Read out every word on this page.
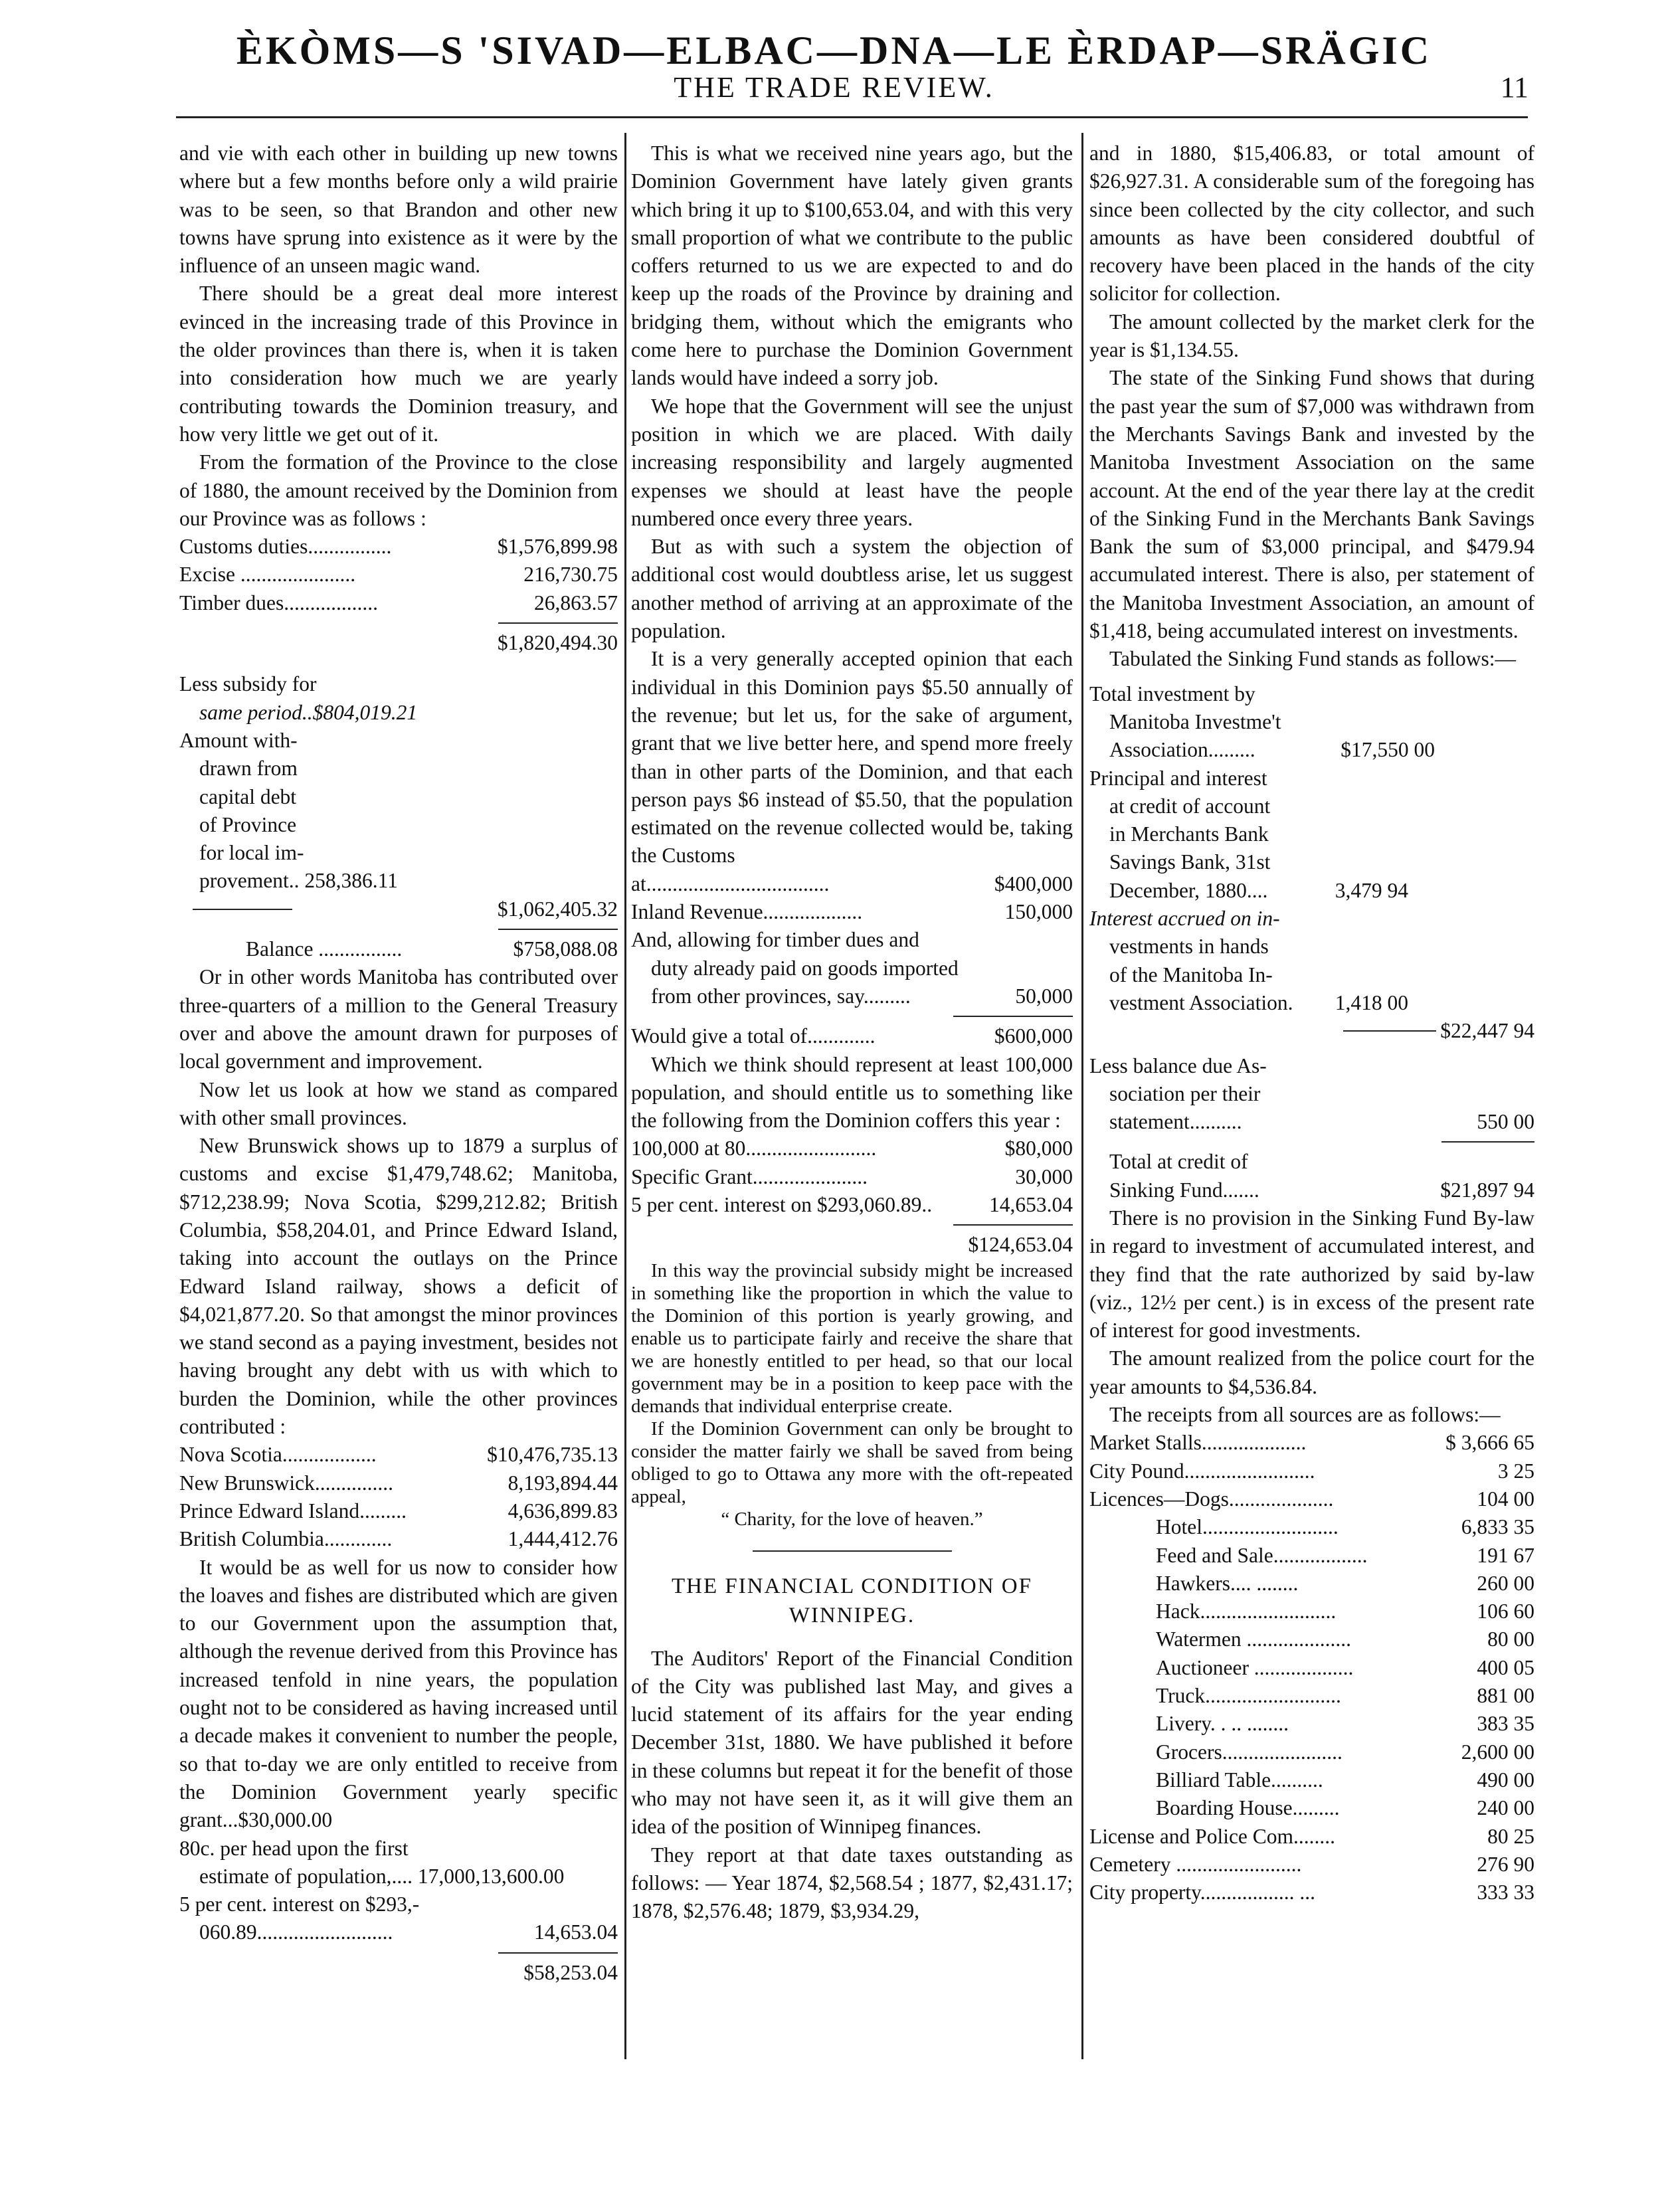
ÈKÒMS—S 'SIVAD—ELBAC—DNA—LE ÈRDAP—SRÄGIC
THE TRADE REVIEW.	11

and vie with each other in building up new towns where but a few months before only a wild prairie was to be seen, so that Brandon and other new towns have sprung into existence as it were by the influence of an unseen magic wand.

There should be a great deal more interest evinced in the increasing trade of this Province in the older provinces than there is, when it is taken into consideration how much we are yearly contributing towards the Dominion treasury, and how very little we get out of it.

From the formation of the Province to the close of 1880, the amount received by the Dominion from our Province was as follows :

Customs duties................	$1,576,899.98
Excise ......................	216,730.75
Timber dues..................	26,863.57
$1,820,494.30
Less subsidy for
same period..$804,019.21
Amount with-
drawn from
capital debt
of Province
for local im-
provement.. 258,386.11
$1,062,405.32
Balance ................	$758,088.08

Or in other words Manitoba has contributed over three-quarters of a million to the General Treasury over and above the amount drawn for purposes of local government and improvement.

Now let us look at how we stand as compared with other small provinces.

New Brunswick shows up to 1879 a surplus of customs and excise $1,479,748.62; Manitoba, $712,238.99; Nova Scotia, $299,212.82; British Columbia, $58,204.01, and Prince Edward Island, taking into account the outlays on the Prince Edward Island railway, shows a deficit of $4,021,877.20. So that amongst the minor provinces we stand second as a paying investment, besides not having brought any debt with us with which to burden the Dominion, while the other provinces contributed :

Nova Scotia..................	$10,476,735.13
New Brunswick...............	8,193,894.44
Prince Edward Island.........	4,636,899.83
British Columbia.............	1,444,412.76

It would be as well for us now to consider how the loaves and fishes are distributed which are given to our Government upon the assumption that, although the revenue derived from this Province has increased tenfold in nine years, the population ought not to be considered as having increased until a decade makes it convenient to number the people, so that to-day we are only entitled to receive from the Dominion Government yearly specific grant...$30,000.00

80c. per head upon the first
estimate of population,.... 17,000,13,600.00
5 per cent. interest on $293,-
060.89..........................	14,653.04
$58,253.04

This is what we received nine years ago, but the Dominion Government have lately given grants which bring it up to $100,653.04, and with this very small proportion of what we contribute to the public coffers returned to us we are expected to and do keep up the roads of the Province by draining and bridging them, without which the emigrants who come here to purchase the Dominion Government lands would have indeed a sorry job.

We hope that the Government will see the unjust position in which we are placed. With daily increasing responsibility and largely augmented expenses we should at least have the people numbered once every three years.

But as with such a system the objection of additional cost would doubtless arise, let us suggest another method of arriving at an approximate of the population.

It is a very generally accepted opinion that each individual in this Dominion pays $5.50 annually of the revenue; but let us, for the sake of argument, grant that we live better here, and spend more freely than in other parts of the Dominion, and that each person pays $6 instead of $5.50, that the population estimated on the revenue collected would be, taking the Customs

at...................................	$400,000
Inland Revenue...................	150,000
And, allowing for timber dues and
duty already paid on goods imported
from other provinces, say.........	50,000
Would give a total of.............	$600,000

Which we think should represent at least 100,000 population, and should entitle us to something like the following from the Dominion coffers this year :

100,000 at 80.........................	$80,000
Specific Grant......................	30,000
5 per cent. interest on $293,060.89..	14,653.04
$124,653.04

In this way the provincial subsidy might be increased in something like the proportion in which the value to the Dominion of this portion is yearly growing, and enable us to participate fairly and receive the share that we are honestly entitled to per head, so that our local government may be in a position to keep pace with the demands that individual enterprise create.

If the Dominion Government can only be brought to consider the matter fairly we shall be saved from being obliged to go to Ottawa any more with the oft-repeated appeal,

“ Charity, for the love of heaven.”
THE FINANCIAL CONDITION OF
WINNIPEG.

The Auditors' Report of the Financial Condition of the City was published last May, and gives a lucid statement of its affairs for the year ending December 31st, 1880. We have published it before in these columns but repeat it for the benefit of those who may not have seen it, as it will give them an idea of the position of Winnipeg finances.

They report at that date taxes outstanding as follows: — Year 1874, $2,568.54 ; 1877, $2,431.17; 1878, $2,576.48; 1879, $3,934.29,

and in 1880, $15,406.83, or total amount of $26,927.31. A considerable sum of the foregoing has since been collected by the city collector, and such amounts as have been considered doubtful of recovery have been placed in the hands of the city solicitor for collection.

The amount collected by the market clerk for the year is $1,134.55.

The state of the Sinking Fund shows that during the past year the sum of $7,000 was withdrawn from the Merchants Savings Bank and invested by the Manitoba Investment Association on the same account. At the end of the year there lay at the credit of the Sinking Fund in the Merchants Bank Savings Bank the sum of $3,000 principal, and $479.94 accumulated interest. There is also, per statement of the Manitoba Investment Association, an amount of $1,418, being accumulated interest on investments.

Tabulated the Sinking Fund stands as follows:—

Total investment by
Manitoba Investme't
Association.........	$17,550 00
Principal and interest
at credit of account
in Merchants Bank
Savings Bank, 31st
December, 1880....	3,479 94
Interest accrued on in-
vestments in hands
of the Manitoba In-
vestment Association. 1,418 00
$22,447 94
Less balance due As-
sociation per their
statement..........	550 00
Total at credit of
Sinking Fund.......	$21,897 94

There is no provision in the Sinking Fund By-law in regard to investment of accumulated interest, and they find that the rate authorized by said by-law (viz., 12½ per cent.) is in excess of the present rate of interest for good investments.

The amount realized from the police court for the year amounts to $4,536.84.

The receipts from all sources are as follows:—

Market Stalls....................	$ 3,666 65
City Pound.........................	3 25
Licences—Dogs....................	104 00
Hotel..........................	6,833 35
Feed and Sale..................	191 67
Hawkers.... ........	260 00
Hack..........................	106 60
Watermen ....................	80 00
Auctioneer ...................	400 05
Truck..........................	881 00
Livery. . .. ........	383 35
Grocers.......................	2,600 00
Billiard Table..........	490 00
Boarding House.........	240 00
License and Police Com........	80 25
Cemetery ........................	276 90
City property.................. ...	333 33
